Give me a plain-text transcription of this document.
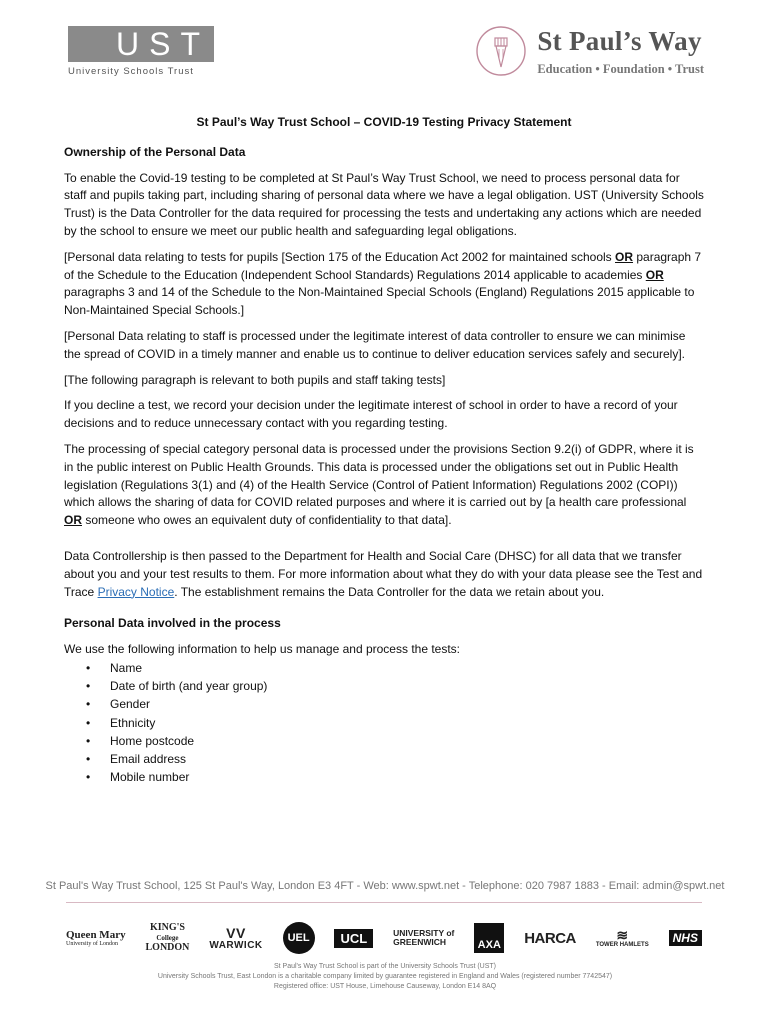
UST
University Schools Trust
St Paul’s Way
Education • Foundation • Trust
St Paul’s Way Trust School – COVID-19 Testing Privacy Statement
Ownership of the Personal Data

To enable the Covid-19 testing to be completed at St Paul’s Way Trust School, we need to process personal data for staff and pupils taking part, including sharing of personal data where we have a legal obligation. UST (University Schools Trust) is the Data Controller for the data required for processing the tests and undertaking any actions which are needed by the school to ensure we meet our public health and safeguarding legal obligations.

[Personal data relating to tests for pupils [Section 175 of the Education Act 2002 for maintained schools OR paragraph 7 of the Schedule to the Education (Independent School Standards) Regulations 2014 applicable to academies OR paragraphs 3 and 14 of the Schedule to the Non-Maintained Special Schools (England) Regulations 2015 applicable to Non-Maintained Special Schools.]

[Personal Data relating to staff is processed under the legitimate interest of data controller to ensure we can minimise the spread of COVID in a timely manner and enable us to continue to deliver education services safely and securely].

[The following paragraph is relevant to both pupils and staff taking tests]

If you decline a test, we record your decision under the legitimate interest of school in order to have a record of your decisions and to reduce unnecessary contact with you regarding testing.

The processing of special category personal data is processed under the provisions Section 9.2(i) of GDPR, where it is in the public interest on Public Health Grounds. This data is processed under the obligations set out in Public Health legislation (Regulations 3(1) and (4) of the Health Service (Control of Patient Information) Regulations 2002 (COPI)) which allows the sharing of data for COVID related purposes and where it is carried out by [a health care professional OR someone who owes an equivalent duty of confidentiality to that data].

Data Controllership is then passed to the Department for Health and Social Care (DHSC) for all data that we transfer about you and your test results to them. For more information about what they do with your data please see the Test and Trace Privacy Notice. The establishment remains the Data Controller for the data we retain about you.

Personal Data involved in the process

We use the following information to help us manage and process the tests:

• Name
• Date of birth (and year group)
• Gender
• Ethnicity
• Home postcode
• Email address
• Mobile number
St Paul's Way Trust School, 125 St Paul's Way, London E3 4FT - Web: www.spwt.net - Telephone: 020 7987 1883 - Email: admin@spwt.net
Queen Mary
University of London
KING'S
College
LONDON
VV
WARWICK
UEL	UCL	UNIVERSITY of
GREENWICH	AXA HARCA	≋
TOWER HAMLETS	NHS
St Paul's Way Trust School is part of the University Schools Trust (UST)
University Schools Trust, East London is a charitable company limited by guarantee registered in England and Wales (registered number 7742547)
Registered office: UST House, Limehouse Causeway, London E14 8AQ
